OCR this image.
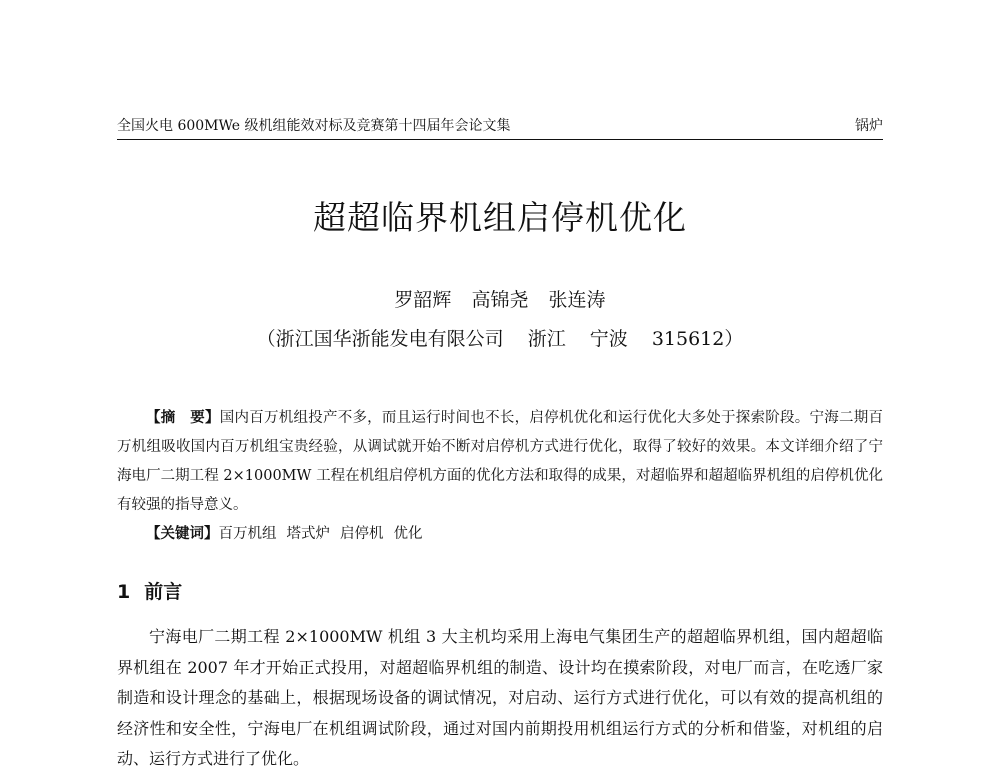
全国火电 600MWe 级机组能效对标及竞赛第十四届年会论文集	锅炉
超超临界机组启停机优化
罗韶辉 高锦尧 张连涛
（浙江国华浙能发电有限公司 浙江 宁波 315612）
【摘　要】国内百万机组投产不多，而且运行时间也不长，启停机优化和运行优化大多处于探索阶段。宁海二期百万机组吸收国内百万机组宝贵经验，从调试就开始不断对启停机方式进行优化，取得了较好的效果。本文详细介绍了宁海电厂二期工程 2×1000MW 工程在机组启停机方面的优化方法和取得的成果，对超临界和超超临界机组的启停机优化有较强的指导意义。
【关键词】百万机组 塔式炉 启停机 优化
1 前言
宁海电厂二期工程 2×1000MW 机组 3 大主机均采用上海电气集团生产的超超临界机组，国内超超临界机组在 2007 年才开始正式投用，对超超临界机组的制造、设计均在摸索阶段，对电厂而言，在吃透厂家制造和设计理念的基础上，根据现场设备的调试情况，对启动、运行方式进行优化，可以有效的提高机组的经济性和安全性，宁海电厂在机组调试阶段，通过对国内前期投用机组运行方式的分析和借鉴，对机组的启动、运行方式进行了优化。
